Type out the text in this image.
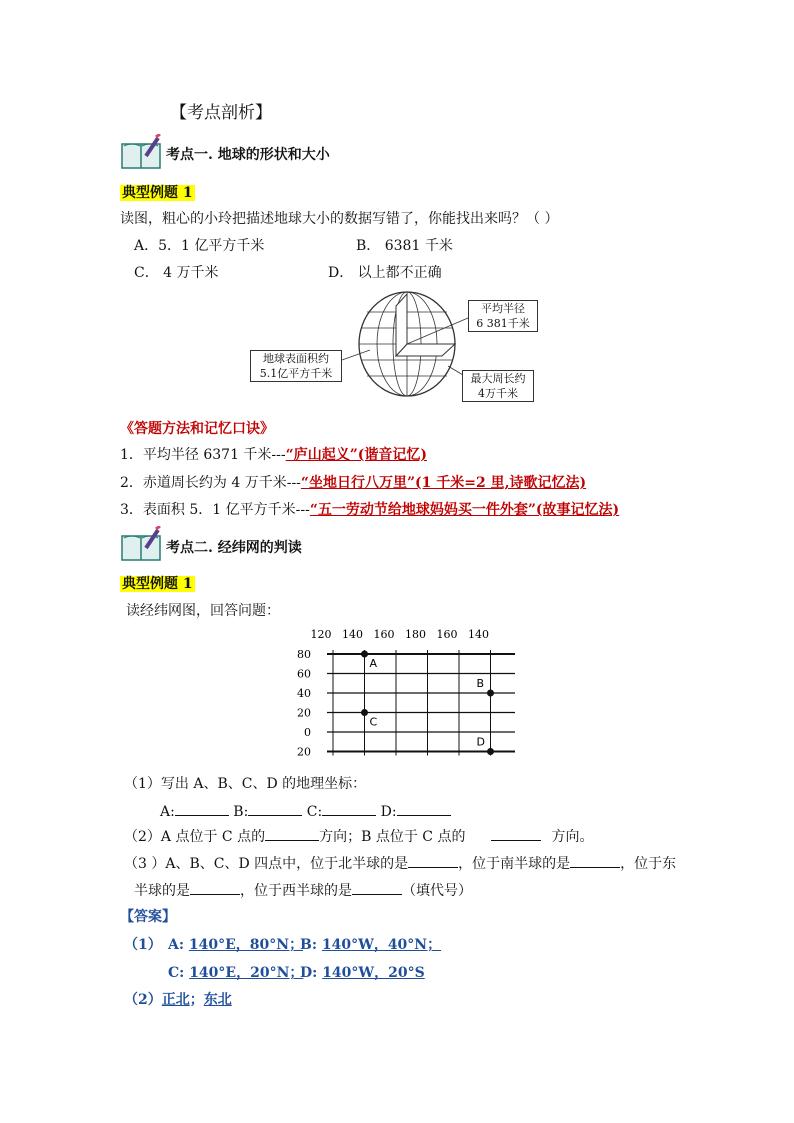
【考点剖析】
考点一. 地球的形状和大小
典型例题 1
读图，粗心的小玲把描述地球大小的数据写错了，你能找出来吗？（ ）
A．5．1 亿平方千米	B． 6381 千米
C． 4 万千米	D． 以上都不正确
平均半径
6 381千米
地球表面积约
5.1亿平方千米	最大周长约
4万千米
《答题方法和记忆口诀》
1．平均半径 6371 千米---“庐山起义”(谐音记忆)
2．赤道周长约为 4 万千米---“坐地日行八万里”(1 千米=2 里,诗歌记忆法)
3．表面积 5．1 亿平方千米---“五一劳动节给地球妈妈买一件外套”(故事记忆法)
考点二. 经纬网的判读
典型例题 1
读经纬网图，回答问题：
120 140 160 180 160 140
80
60
40
20
0
20
A
B
C
D
（1）写出 A、B、C、D 的地理坐标：
A:	B:	C:	D:
（2）A 点位于 C 点的	方向；B 点位于 C 点的	方向。
（3 ）A、B、C、D 四点中，位于北半球的是	，位于南半球的是	，位于东
半球的是	，位于西半球的是	（填代号）
【答案】
（1） A: 140°E，80°N；
B: 140°W，40°N；
C: 140°E，20°N；
D: 140°W，20°S
（2）正北；东北
